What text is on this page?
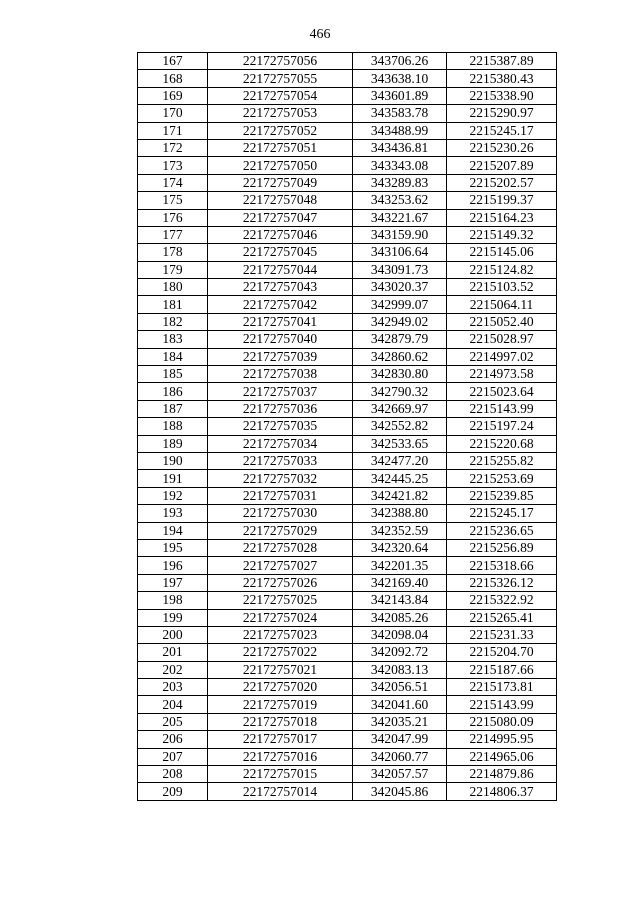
466
167	22172757056	343706.26	2215387.89
168	22172757055	343638.10	2215380.43
169	22172757054	343601.89	2215338.90
170	22172757053	343583.78	2215290.97
171	22172757052	343488.99	2215245.17
172	22172757051	343436.81	2215230.26
173	22172757050	343343.08	2215207.89
174	22172757049	343289.83	2215202.57
175	22172757048	343253.62	2215199.37
176	22172757047	343221.67	2215164.23
177	22172757046	343159.90	2215149.32
178	22172757045	343106.64	2215145.06
179	22172757044	343091.73	2215124.82
180	22172757043	343020.37	2215103.52
181	22172757042	342999.07	2215064.11
182	22172757041	342949.02	2215052.40
183	22172757040	342879.79	2215028.97
184	22172757039	342860.62	2214997.02
185	22172757038	342830.80	2214973.58
186	22172757037	342790.32	2215023.64
187	22172757036	342669.97	2215143.99
188	22172757035	342552.82	2215197.24
189	22172757034	342533.65	2215220.68
190	22172757033	342477.20	2215255.82
191	22172757032	342445.25	2215253.69
192	22172757031	342421.82	2215239.85
193	22172757030	342388.80	2215245.17
194	22172757029	342352.59	2215236.65
195	22172757028	342320.64	2215256.89
196	22172757027	342201.35	2215318.66
197	22172757026	342169.40	2215326.12
198	22172757025	342143.84	2215322.92
199	22172757024	342085.26	2215265.41
200	22172757023	342098.04	2215231.33
201	22172757022	342092.72	2215204.70
202	22172757021	342083.13	2215187.66
203	22172757020	342056.51	2215173.81
204	22172757019	342041.60	2215143.99
205	22172757018	342035.21	2215080.09
206	22172757017	342047.99	2214995.95
207	22172757016	342060.77	2214965.06
208	22172757015	342057.57	2214879.86
209	22172757014	342045.86	2214806.37
